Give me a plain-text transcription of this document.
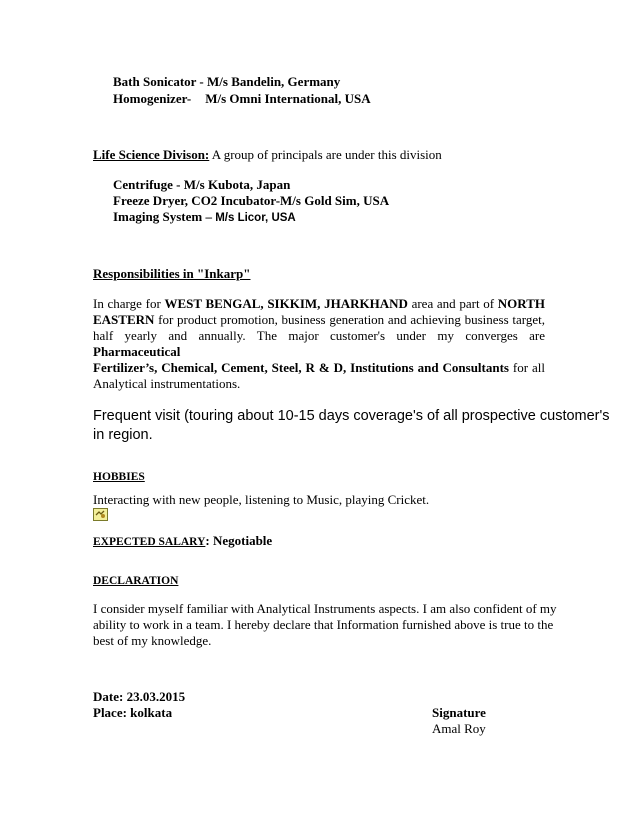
Bath Sonicator - M/s Bandelin, Germany
Homogenizer- M/s Omni International, USA
Life Science Divison: A group of principals are under this division
Centrifuge - M/s Kubota, Japan
Freeze Dryer, CO2 Incubator-M/s Gold Sim, USA
Imaging System – M/s Licor, USA
Responsibilities in "Inkarp"
In charge for WEST BENGAL, SIKKIM, JHARKHAND area and part of NORTH
EASTERN for product promotion, business generation and achieving business target,
half yearly and annually. The major customer's under my converges are Pharmaceutical
Fertilizer’s, Chemical, Cement, Steel, R & D, Institutions and Consultants for all
Analytical instrumentations.
Frequent visit (touring about 10-15 days coverage's of all prospective customer's
in region.
HOBBIES
Interacting with new people, listening to Music, playing Cricket.
EXPECTED SALARY: Negotiable
DECLARATION
I consider myself familiar with Analytical Instruments aspects. I am also confident of my
ability to work in a team. I hereby declare that Information furnished above is true to the
best of my knowledge.
Date: 23.03.2015
Place: kolkata	Signature
Amal Roy
